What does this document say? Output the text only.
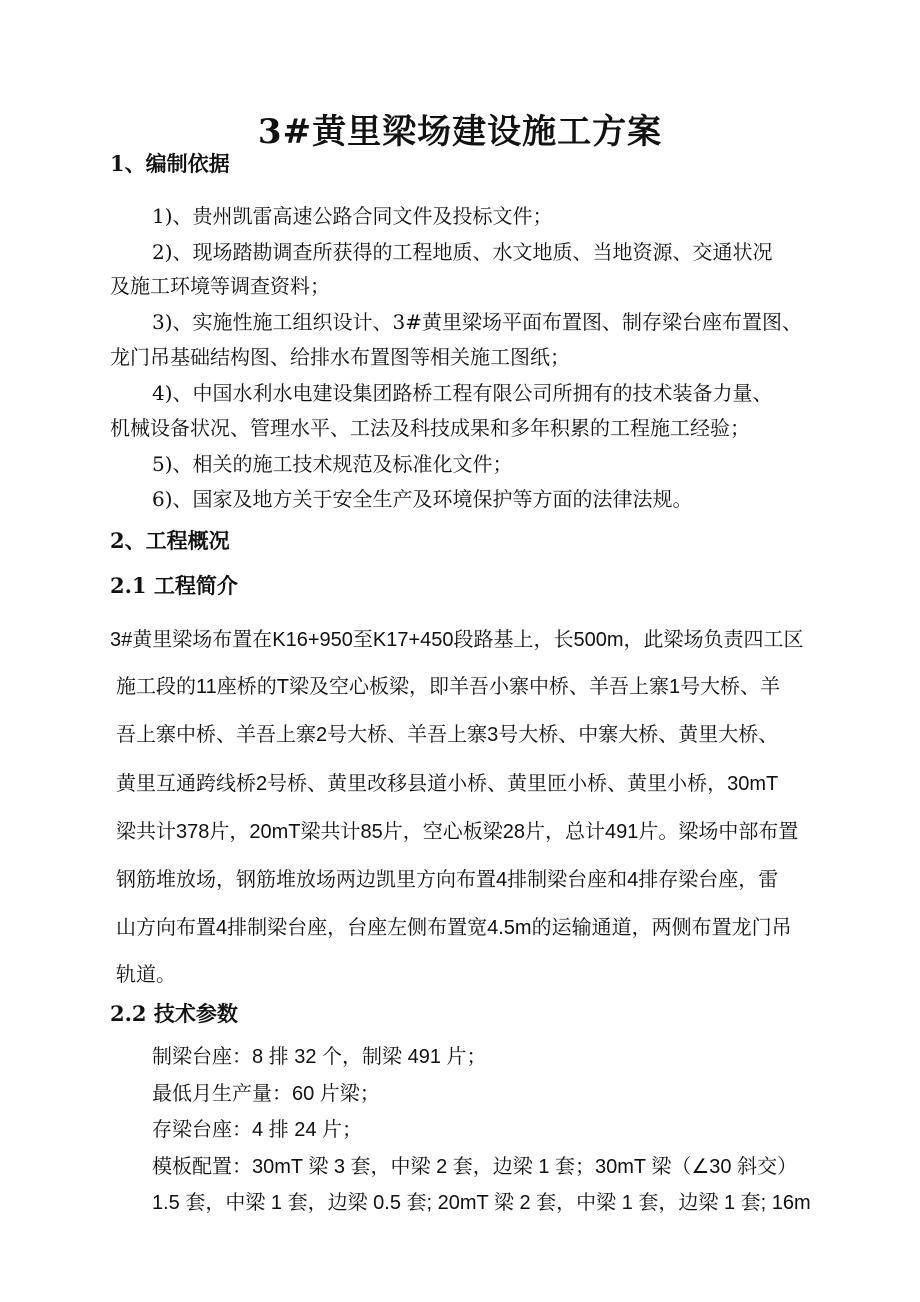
3#黄里梁场建设施工方案
1、编制依据

1)、贵州凯雷高速公路合同文件及投标文件；

2)、现场踏勘调查所获得的工程地质、水文地质、当地资源、交通状况

及施工环境等调查资料；

3)、实施性施工组织设计、3#黄里梁场平面布置图、制存梁台座布置图、

龙门吊基础结构图、给排水布置图等相关施工图纸；

4)、中国水利水电建设集团路桥工程有限公司所拥有的技术装备力量、

机械设备状况、管理水平、工法及科技成果和多年积累的工程施工经验；

5)、相关的施工技术规范及标准化文件；

6)、国家及地方关于安全生产及环境保护等方面的法律法规。

2、工程概况
2.1 工程简介

3#黄里梁场布置在K16+950至K17+450段路基上，长500m，此梁场负责四工区

施工段的11座桥的T梁及空心板梁，即羊吾小寨中桥、羊吾上寨1号大桥、羊

吾上寨中桥、羊吾上寨2号大桥、羊吾上寨3号大桥、中寨大桥、黄里大桥、

黄里互通跨线桥2号桥、黄里改移县道小桥、黄里匝小桥、黄里小桥，30mT

梁共计378片，20mT梁共计85片，空心板梁28片，总计491片。梁场中部布置

钢筋堆放场，钢筋堆放场两边凯里方向布置4排制梁台座和4排存梁台座，雷

山方向布置4排制梁台座，台座左侧布置宽4.5m的运输通道，两侧布置龙门吊

轨道。

2.2 技术参数

制梁台座：8 排 32 个，制梁 491 片；

最低月生产量：60 片梁；

存梁台座：4 排 24 片；

模板配置：30mT 梁 3 套，中梁 2 套，边梁 1 套；30mT 梁（∠30 斜交）

1.5 套，中梁 1 套，边梁 0.5 套; 20mT 梁 2 套，中梁 1 套，边梁 1 套; 16m
